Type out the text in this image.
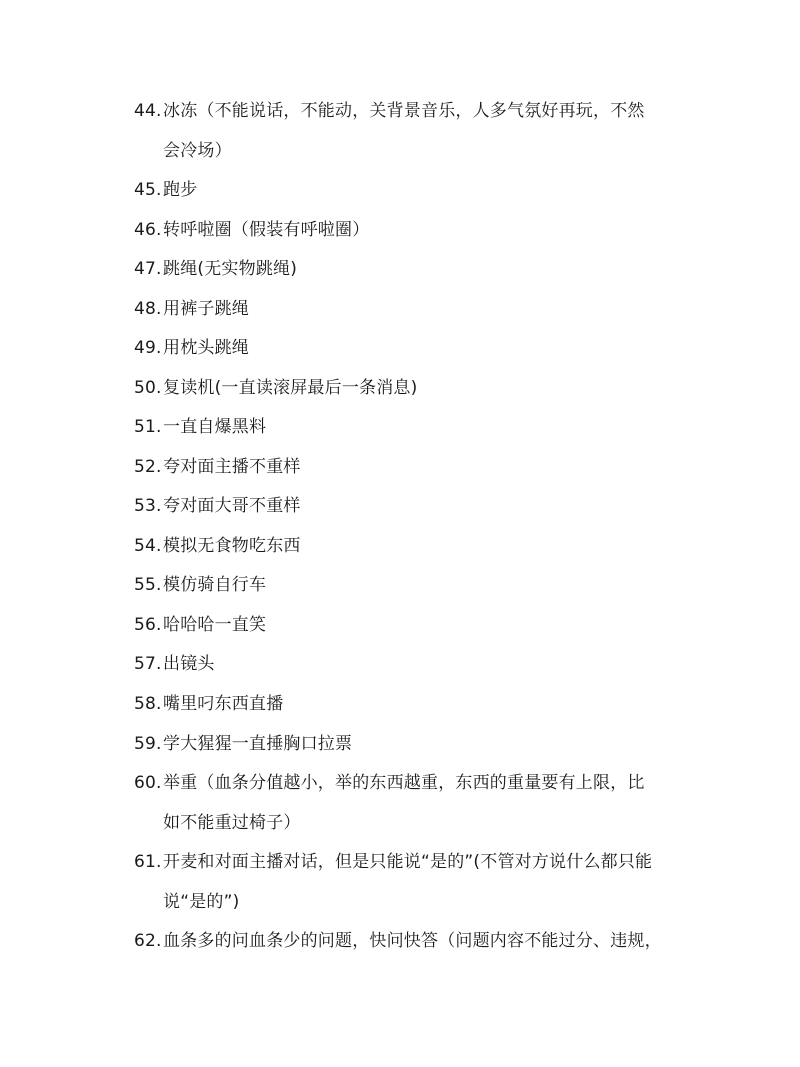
44. 冰冻（不能说话，不能动，关背景音乐，人多气氛好再玩，不然
会冷场）
45. 跑步
46. 转呼啦圈（假装有呼啦圈）
47. 跳绳(无实物跳绳)
48. 用裤子跳绳
49. 用枕头跳绳
50. 复读机(一直读滚屏最后一条消息)
51. 一直自爆黑料
52. 夸对面主播不重样
53. 夸对面大哥不重样
54. 模拟无食物吃东西
55. 模仿骑自行车
56. 哈哈哈一直笑
57. 出镜头
58. 嘴里叼东西直播
59. 学大猩猩一直捶胸口拉票
60. 举重（血条分值越小，举的东西越重，东西的重量要有上限，比
如不能重过椅子）
61. 开麦和对面主播对话，但是只能说“是的”(不管对方说什么都只能
说“是的”)
62. 血条多的问血条少的问题，快问快答（问题内容不能过分、违规，
